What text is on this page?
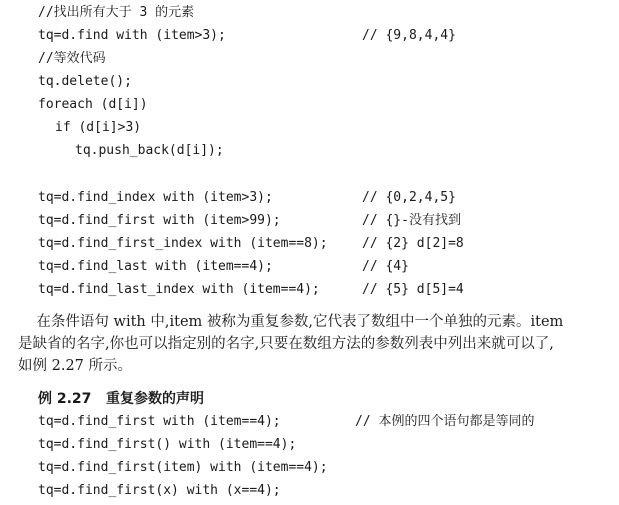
//找出所有大于 3 的元素
tq=d.find with (item>3);	// {9,8,4,4}
//等效代码
tq.delete();
foreach (d[i])
if (d[i]>3)
tq.push_back(d[i]);
tq=d.find_index with (item>3);	// {0,2,4,5}
tq=d.find_first with (item>99);	// {}-没有找到
tq=d.find_first_index with (item==8);	// {2} d[2]=8
tq=d.find_last with (item==4);	// {4}
tq=d.find_last_index with (item==4);	// {5} d[5]=4
在条件语句 with 中,item 被称为重复参数,它代表了数组中一个单独的元素。item
是缺省的名字,你也可以指定别的名字,只要在数组方法的参数列表中列出来就可以了,
如例 2.27 所示。
例 2.27   重复参数的声明
tq=d.find_first with (item==4);	// 本例的四个语句都是等同的
tq=d.find_first() with (item==4);
tq=d.find_first(item) with (item==4);
tq=d.find_first(x) with (x==4);
